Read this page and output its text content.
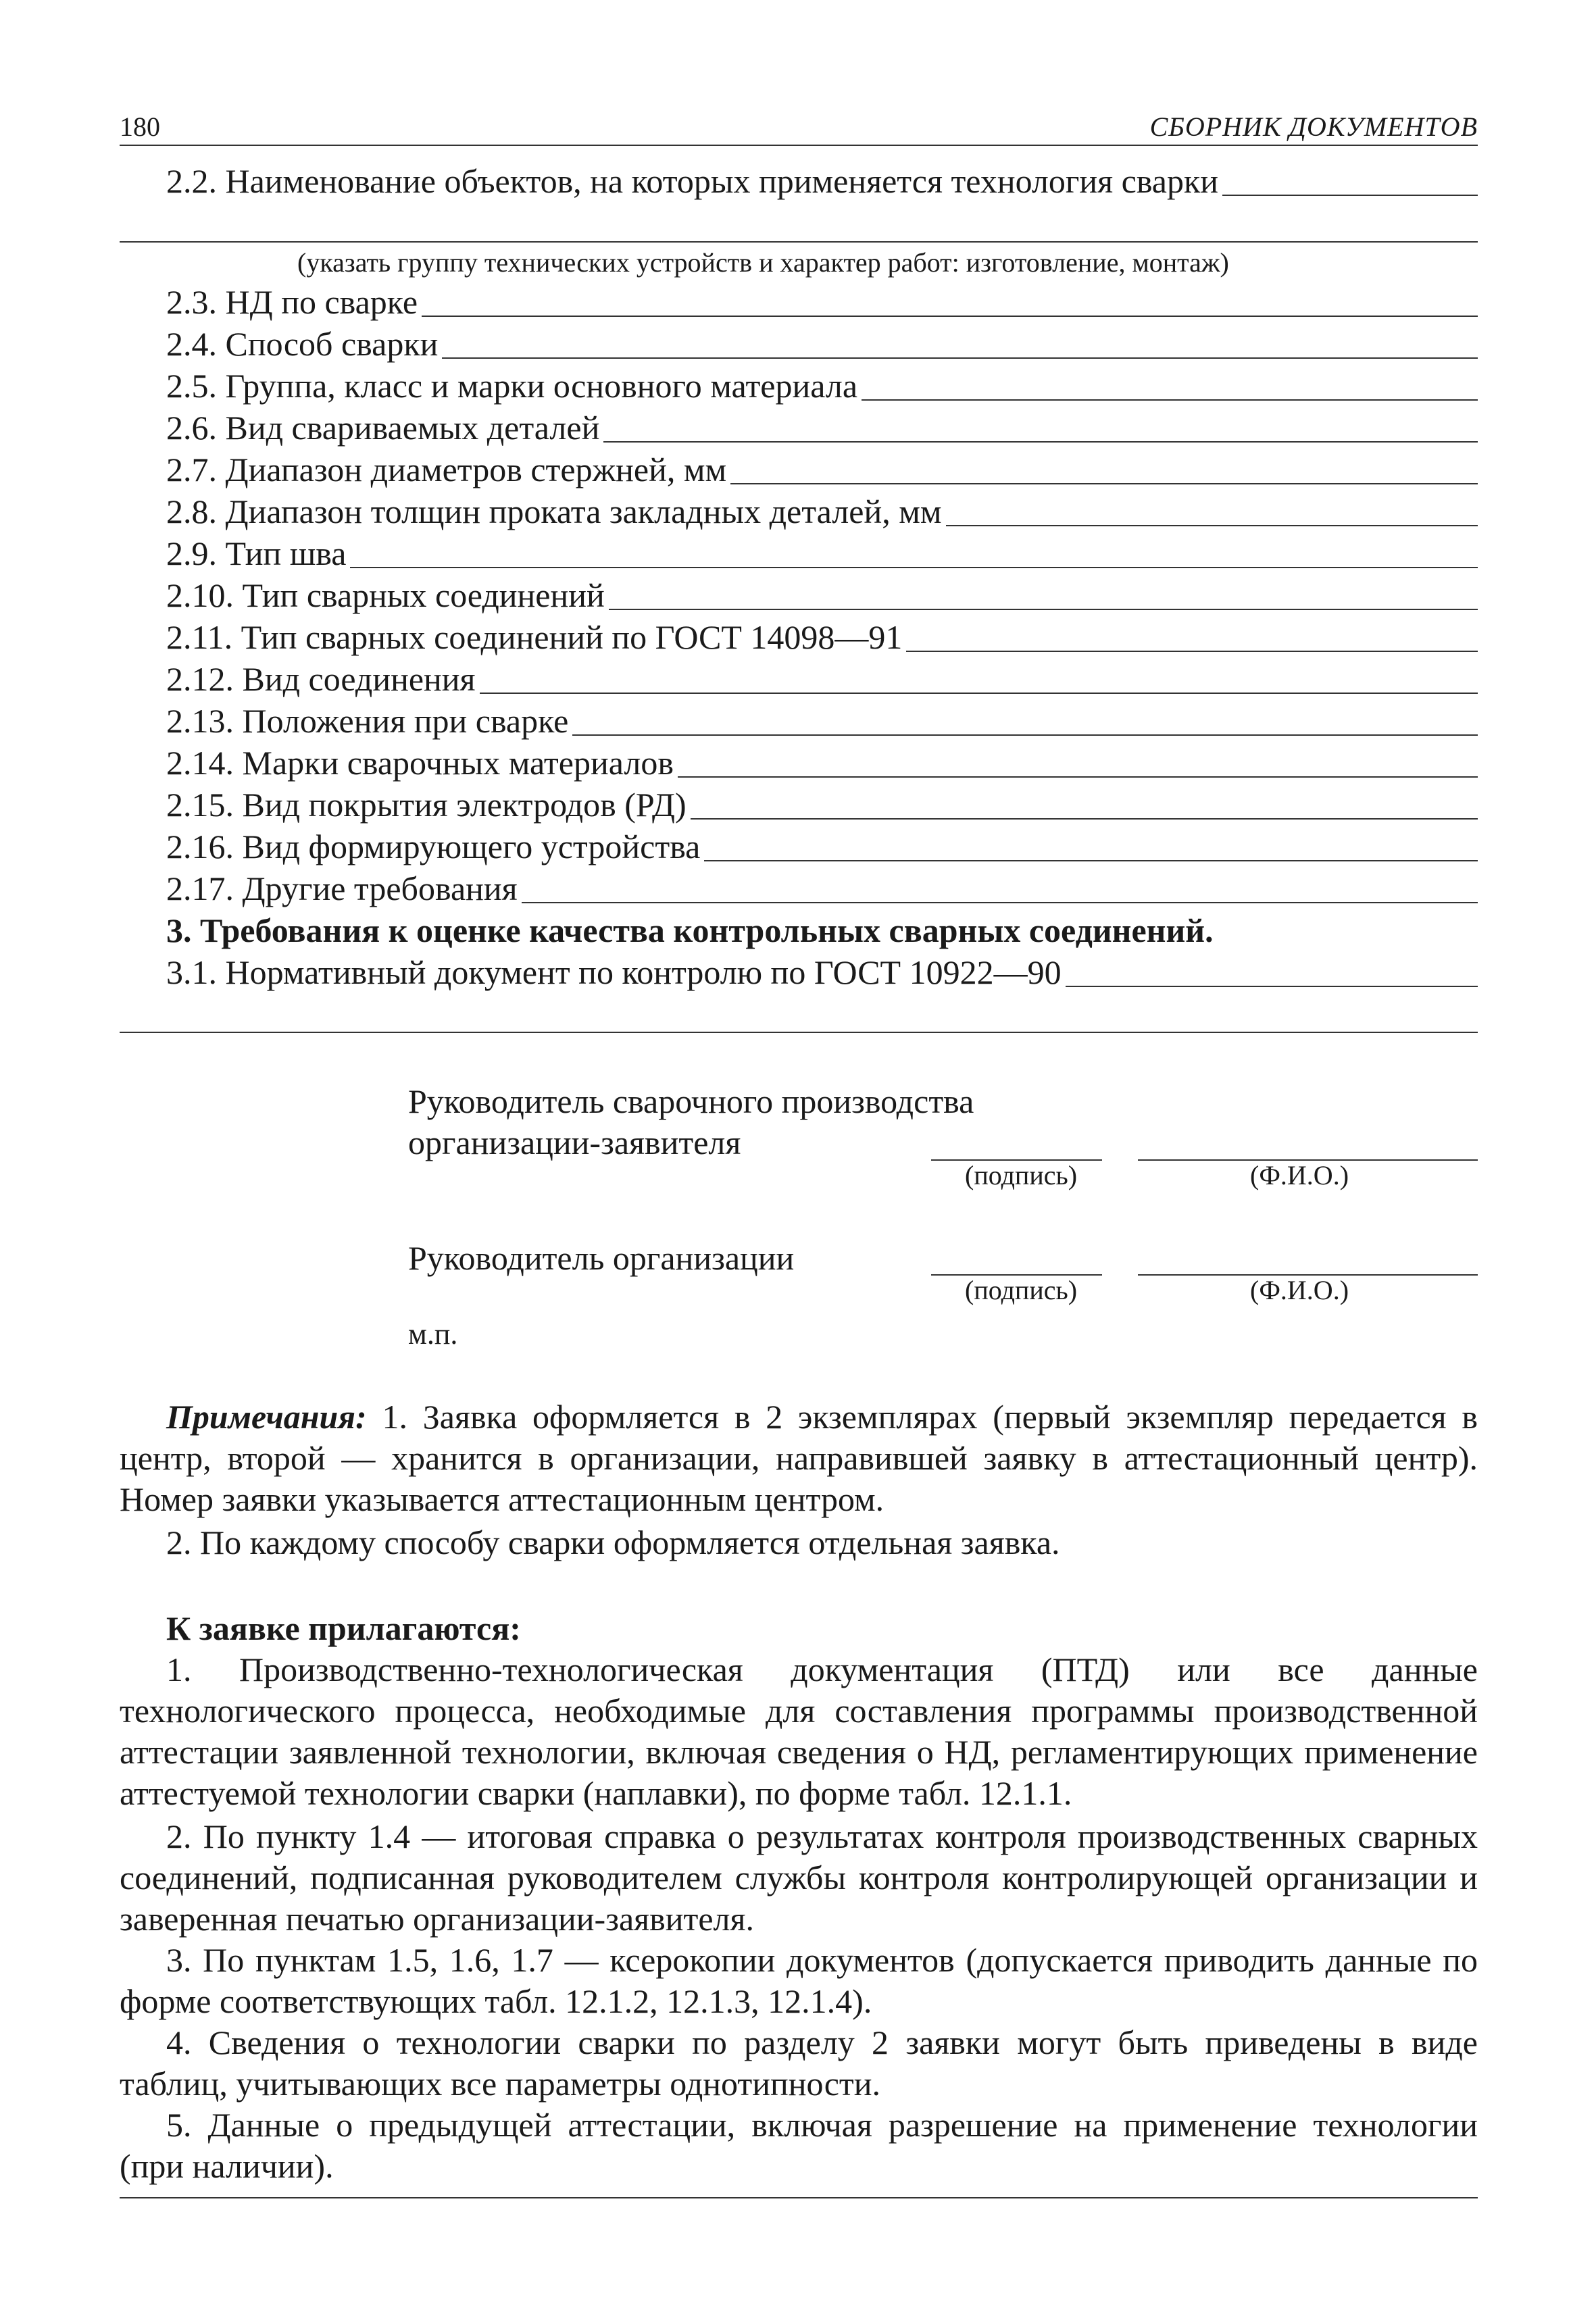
180	СБОРНИК ДОКУМЕНТОВ
2.2. Наименование объектов, на которых применяется технология сварки
(указать группу технических устройств и характер работ: изготовление, монтаж)
2.3. НД по сварке
2.4. Способ сварки
2.5. Группа, класс и марки основного материала
2.6. Вид свариваемых деталей
2.7. Диапазон диаметров стержней, мм
2.8. Диапазон толщин проката закладных деталей, мм
2.9. Тип шва
2.10. Тип сварных соединений
2.11. Тип сварных соединений по ГОСТ 14098—91
2.12. Вид соединения
2.13. Положения при сварке
2.14. Марки сварочных материалов
2.15. Вид покрытия электродов (РД)
2.16. Вид формирующего устройства
2.17. Другие требования
3. Требования к оценке качества контрольных сварных соединений.
3.1. Нормативный документ по контролю по ГОСТ 10922—90
Руководитель сварочного производства
организации-заявителя
(подпись)	(Ф.И.О.)
Руководитель организации
(подпись)	(Ф.И.О.)
м.п.
Примечания: 1. Заявка оформляется в 2 экземплярах (первый экземпляр передается в центр, второй — хранится в организации, направившей заявку в аттестационный центр). Номер заявки указывается аттестационным центром.
2. По каждому способу сварки оформляется отдельная заявка.
К заявке прилагаются:
1. Производственно-технологическая документация (ПТД) или все данные технологического процесса, необходимые для составления программы производственной аттестации заявленной технологии, включая сведения о НД, регламентирующих применение аттестуемой технологии сварки (наплавки), по форме табл. 12.1.1.
2. По пункту 1.4 — итоговая справка о результатах контроля производственных сварных соединений, подписанная руководителем службы контроля контролирующей организации и заверенная печатью организации-заявителя.
3. По пунктам 1.5, 1.6, 1.7 — ксерокопии документов (допускается приводить данные по форме соответствующих табл. 12.1.2, 12.1.3, 12.1.4).
4. Сведения о технологии сварки по разделу 2 заявки могут быть приведены в виде таблиц, учитывающих все параметры однотипности.
5. Данные о предыдущей аттестации, включая разрешение на применение технологии (при наличии).
